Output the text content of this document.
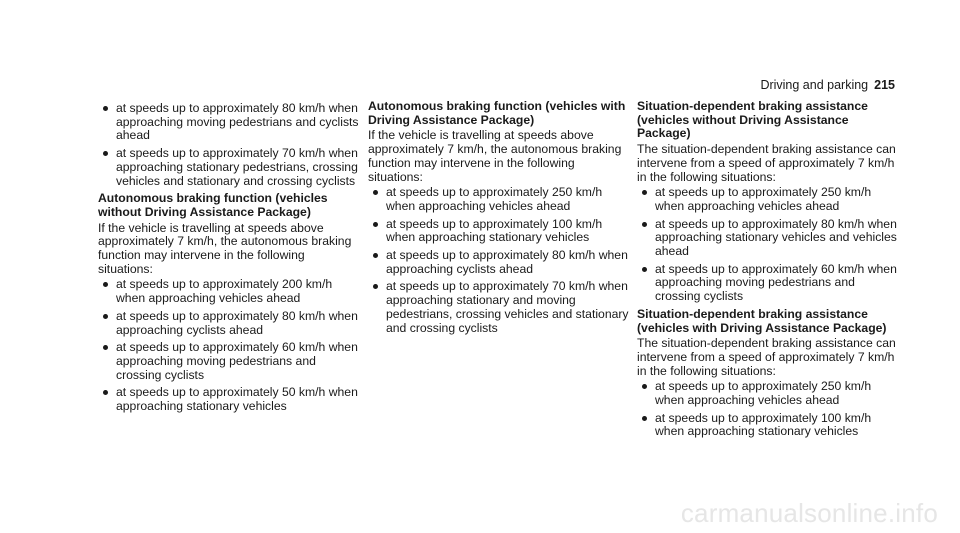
Driving and parking 215
at speeds up to approximately 80 km/h when approaching moving pedestrians and cyclists ahead
at speeds up to approximately 70 km/h when approaching stationary pedestrians, crossing vehicles and stationary and crossing cyclists
Autonomous braking function (vehicles without Driving Assistance Package)

If the vehicle is travelling at speeds above approximately 7 km/h, the autonomous braking function may intervene in the following situations:

at speeds up to approximately 200 km/h when approaching vehicles ahead
at speeds up to approximately 80 km/h when approaching cyclists ahead
at speeds up to approximately 60 km/h when approaching moving pedestrians and crossing cyclists
at speeds up to approximately 50 km/h when approaching stationary vehicles
Autonomous braking function (vehicles with Driving Assistance Package)

If the vehicle is travelling at speeds above approximately 7 km/h, the autonomous braking function may intervene in the following situations:

at speeds up to approximately 250 km/h when approaching vehicles ahead
at speeds up to approximately 100 km/h when approaching stationary vehicles
at speeds up to approximately 80 km/h when approaching cyclists ahead
at speeds up to approximately 70 km/h when approaching stationary and moving pedestrians, crossing vehicles and stationary and crossing cyclists
Situation-dependent braking assistance (vehicles without Driving Assistance Package)

The situation-dependent braking assistance can intervene from a speed of approximately 7 km/h in the following situations:

at speeds up to approximately 250 km/h when approaching vehicles ahead
at speeds up to approximately 80 km/h when approaching stationary vehicles and vehicles ahead
at speeds up to approximately 60 km/h when approaching moving pedestrians and crossing cyclists
Situation-dependent braking assistance (vehicles with Driving Assistance Package)

The situation-dependent braking assistance can intervene from a speed of approximately 7 km/h in the following situations:

at speeds up to approximately 250 km/h when approaching vehicles ahead
at speeds up to approximately 100 km/h when approaching stationary vehicles
carmanualsonline.info
